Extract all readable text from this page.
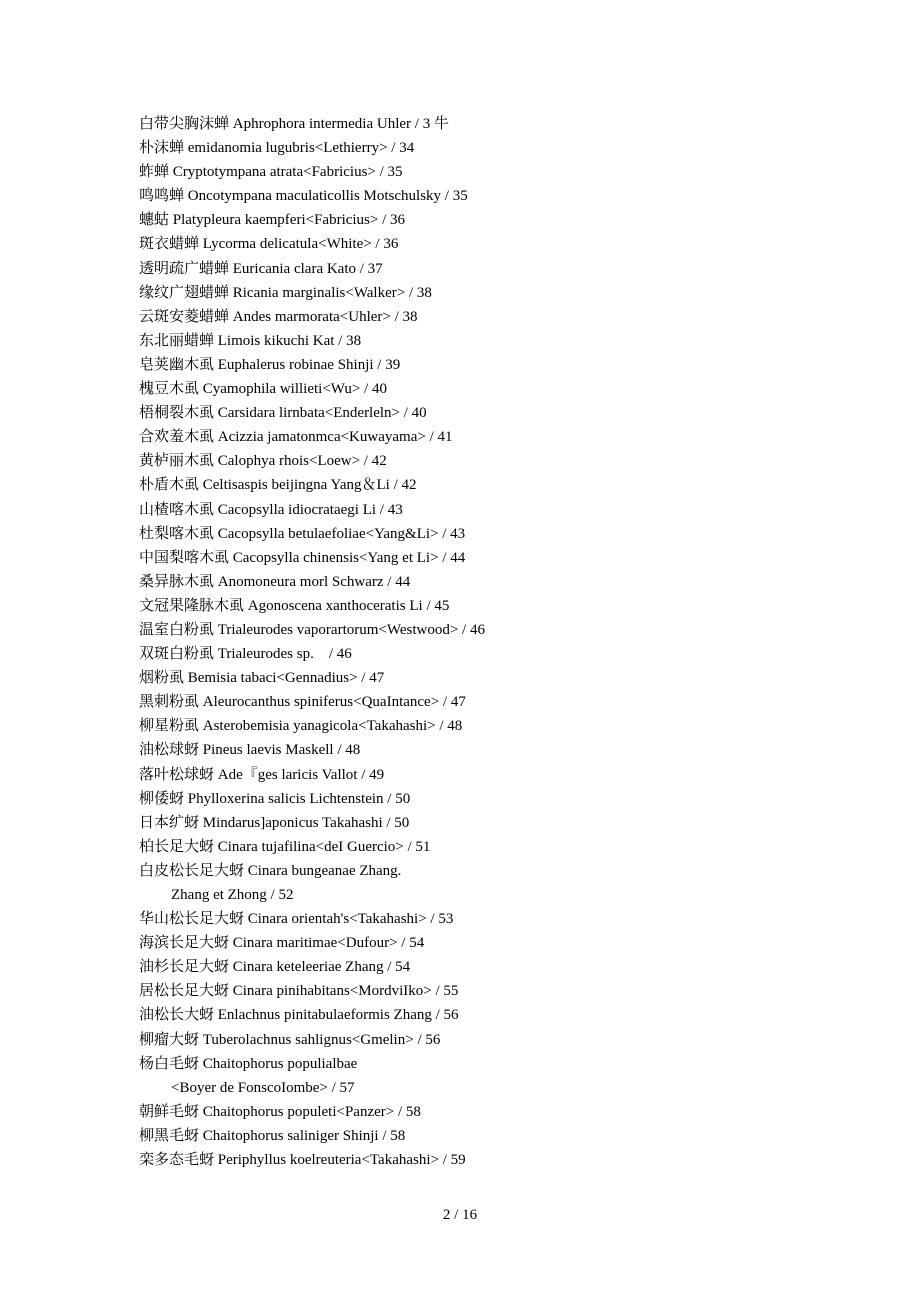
白带尖胸沫蝉 Aphrophora intermedia Uhler / 3 牛
朴沫蝉 emidanomia lugubris<Lethierry> / 34
蚱蝉 Cryptotympana atrata<Fabricius> / 35
鸣鸣蝉 Oncotympana maculaticollis Motschulsky / 35
蟪蛄 Platypleura kaempferi<Fabricius> / 36
斑衣蜡蝉 Lycorma delicatula<White> / 36
透明疏广蜡蝉 Euricania clara Kato / 37
缘纹广翅蜡蝉 Ricania marginalis<Walker> / 38
云斑安菱蜡蝉 Andes marmorata<Uhler> / 38
东北丽蜡蝉 Limois kikuchi Kat / 38
皂荚幽木虱 Euphalerus robinae Shinji / 39
槐豆木虱 Cyamophila willieti<Wu> / 40
梧桐裂木虱 Carsidara lirnbata<Enderleln> / 40
合欢羞木虱 Acizzia jamatonmca<Kuwayama> / 41
黄栌丽木虱 Calophya rhois<Loew> / 42
朴盾木虱 Celtisaspis beijingna Yang＆Li / 42
山楂喀木虱 Cacopsylla idiocrataegi Li / 43
杜梨喀木虱 Cacopsylla betulaefoliae<Yang&Li> / 43
中国梨喀木虱 Cacopsylla chinensis<Yang et Li> / 44
桑异脉木虱 Anomoneura morl Schwarz / 44
文冠果隆脉木虱 Agonoscena xanthoceratis Li / 45
温室白粉虱 Trialeurodes vaporartorum<Westwood> / 46
双斑白粉虱 Trialeurodes sp.　/ 46
烟粉虱 Bemisia tabaci<Gennadius> / 47
黑刺粉虱 Aleurocanthus spiniferus<QuaIntance> / 47
柳星粉虱 Asterobemisia yanagicola<Takahashi> / 48
油松球蚜 Pineus laevis Maskell / 48
落叶松球蚜 Ade『ges laricis Vallot / 49
柳倭蚜 Phylloxerina salicis Lichtenstein / 50
日本纩蚜 Mindarus]aponicus Takahashi / 50
柏长足大蚜 Cinara tujafilina<deI Guercio> / 51
白皮松长足大蚜 Cinara bungeanae Zhang.
Zhang et Zhong / 52
华山松长足大蚜 Cinara orientah's<Takahashi> / 53
海滨长足大蚜 Cinara maritimae<Dufour> / 54
油杉长足大蚜 Cinara keteleeriae Zhang / 54
居松长足大蚜 Cinara pinihabitans<MordviIko> / 55
油松长大蚜 Enlachnus pinitabulaeformis Zhang / 56
柳瘤大蚜 Tuberolachnus sahlignus<Gmelin> / 56
杨白毛蚜 Chaitophorus populialbae
<Boyer de FonscoIombe> / 57
朝鲜毛蚜 Chaitophorus populeti<Panzer> / 58
柳黑毛蚜 Chaitophorus saliniger Shinji / 58
栾多态毛蚜 Periphyllus koelreuteria<Takahashi> / 59
2 / 16
